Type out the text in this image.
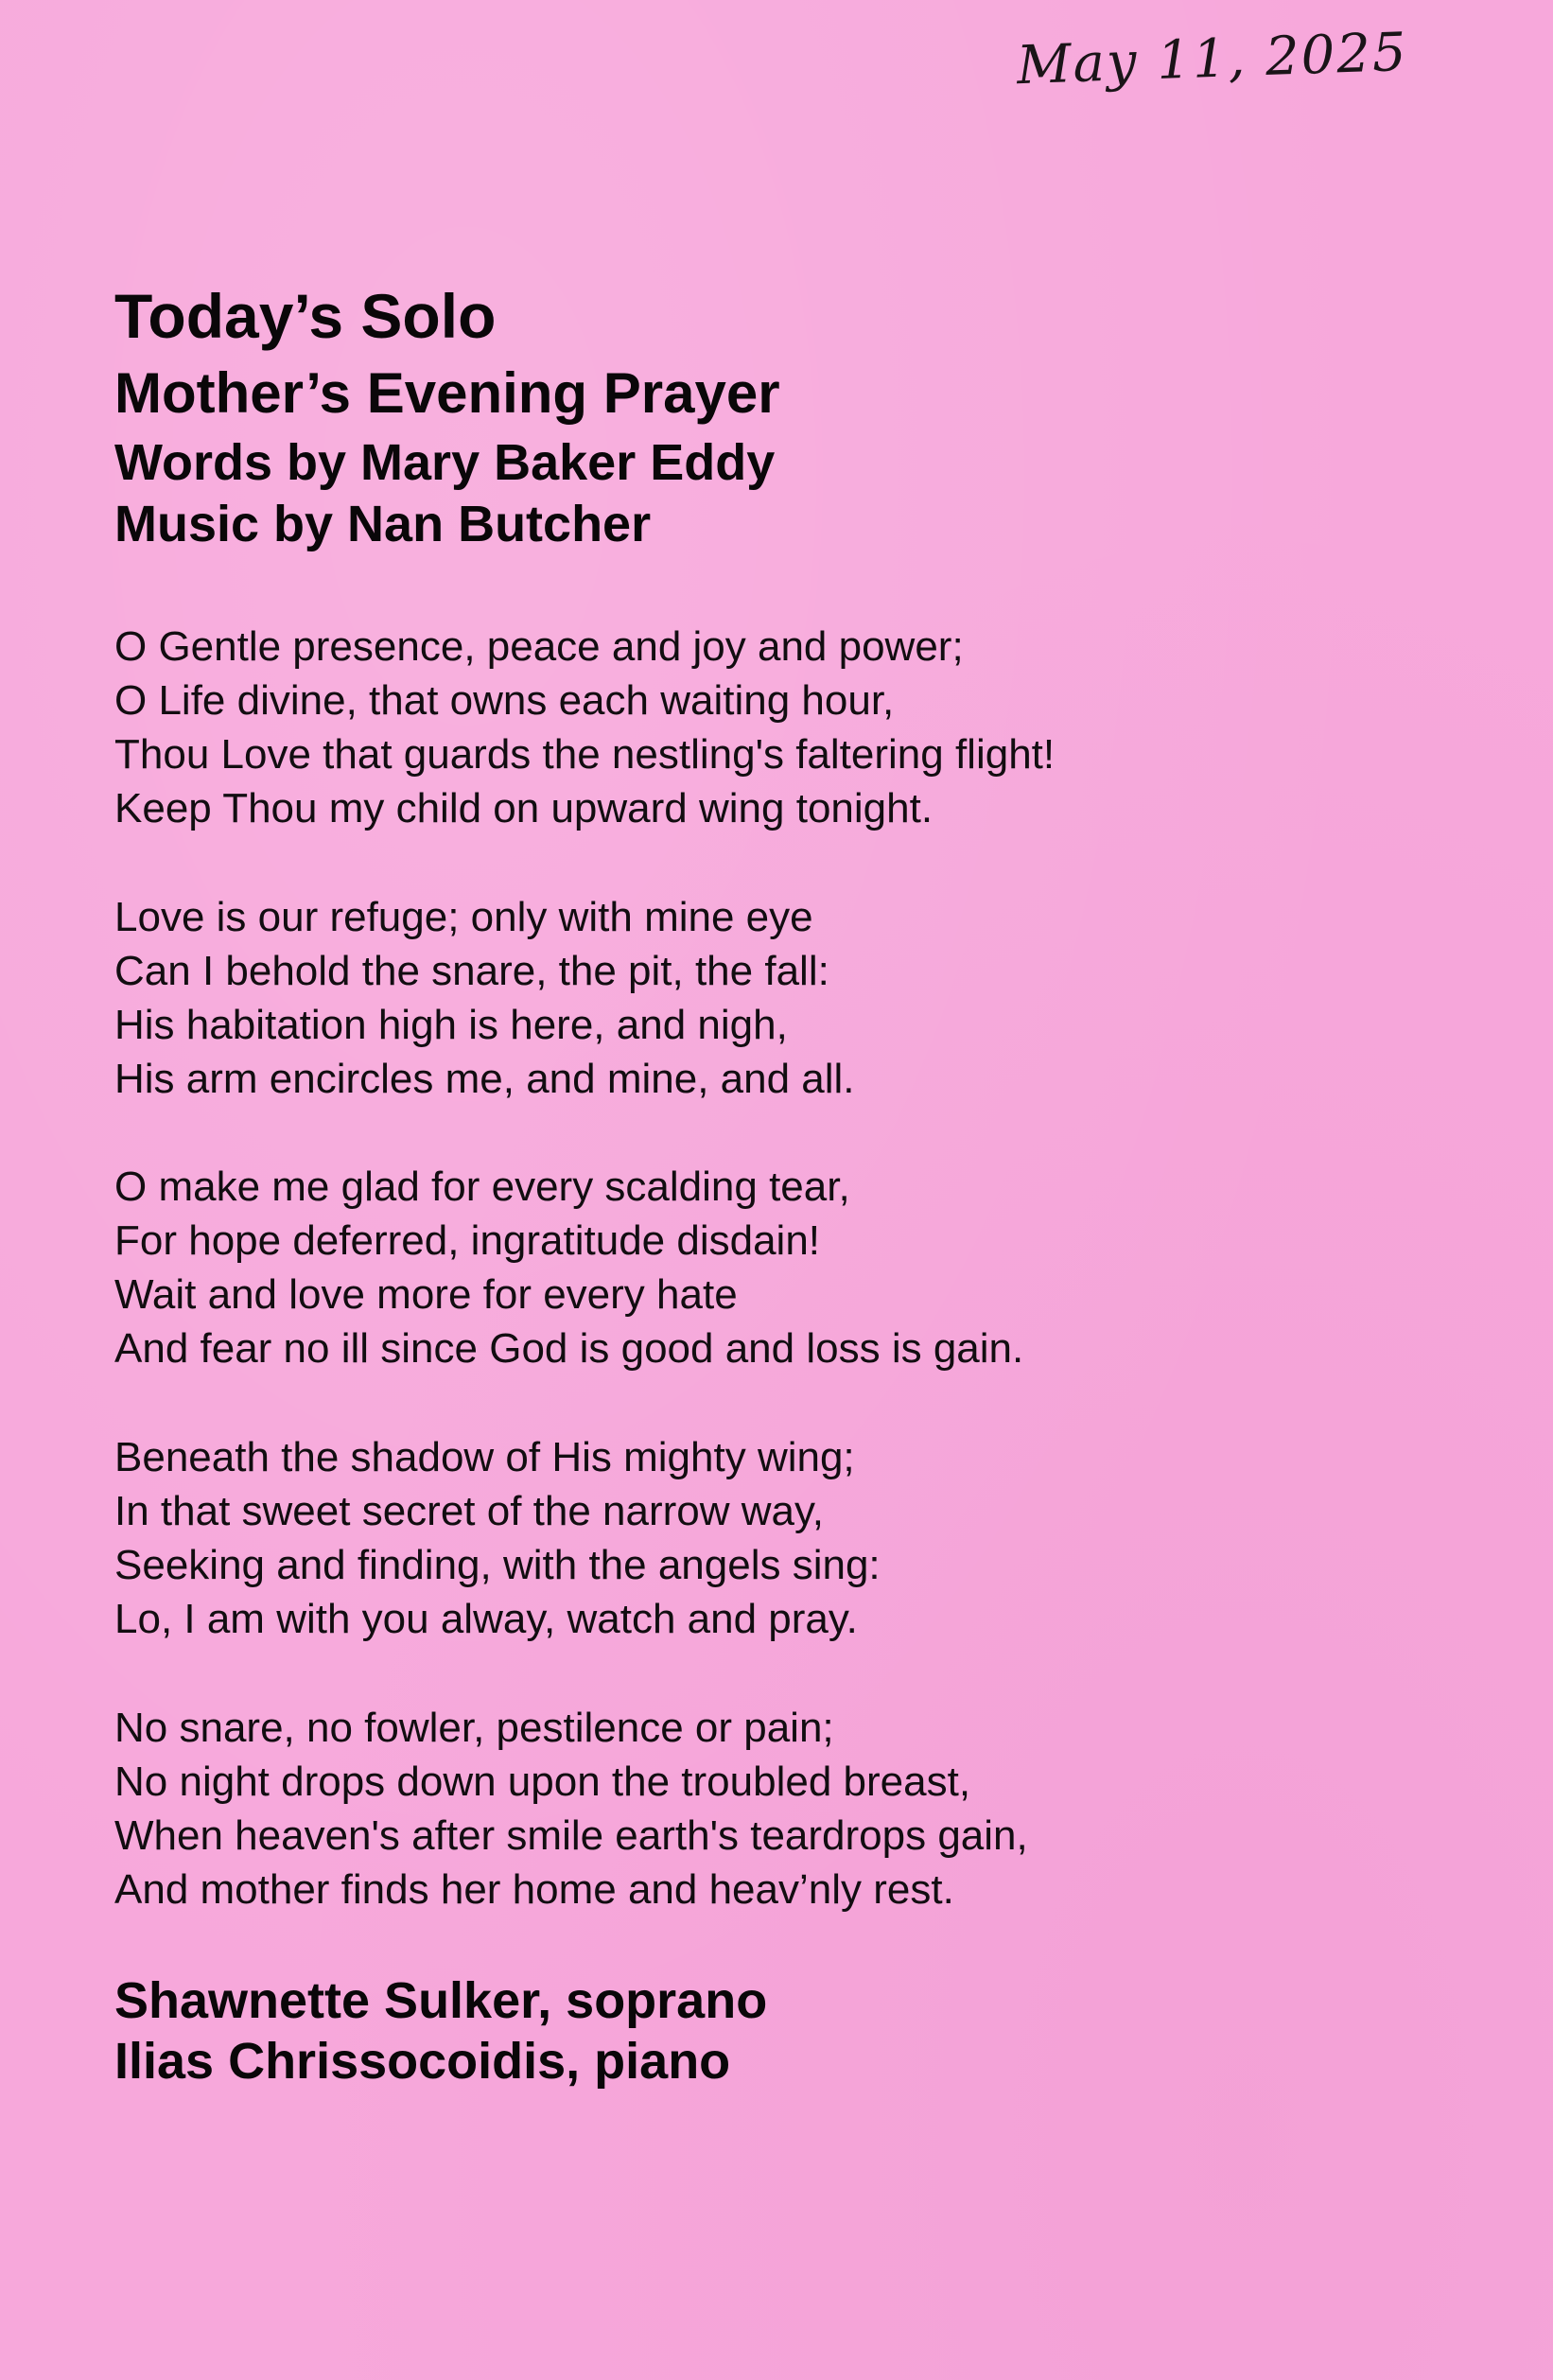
May 11, 2025
Today’s Solo
Mother’s Evening Prayer
Words by Mary Baker Eddy
Music by Nan Butcher
O Gentle presence, peace and joy and power;
O Life divine, that owns each waiting hour,
Thou Love that guards the nestling's faltering flight!
Keep Thou my child on upward wing tonight.
Love is our refuge; only with mine eye
Can I behold the snare, the pit, the fall:
His habitation high is here, and nigh,
His arm encircles me, and mine, and all.
O make me glad for every scalding tear,
For hope deferred, ingratitude disdain!
Wait and love more for every hate
And fear no ill since God is good and loss is gain.
Beneath the shadow of His mighty wing;
In that sweet secret of the narrow way,
Seeking and finding, with the angels sing:
Lo, I am with you alway, watch and pray.
No snare, no fowler, pestilence or pain;
No night drops down upon the troubled breast,
When heaven's after smile earth's teardrops gain,
And mother finds her home and heav’nly rest.
Shawnette Sulker, soprano
Ilias Chrissocoidis, piano
